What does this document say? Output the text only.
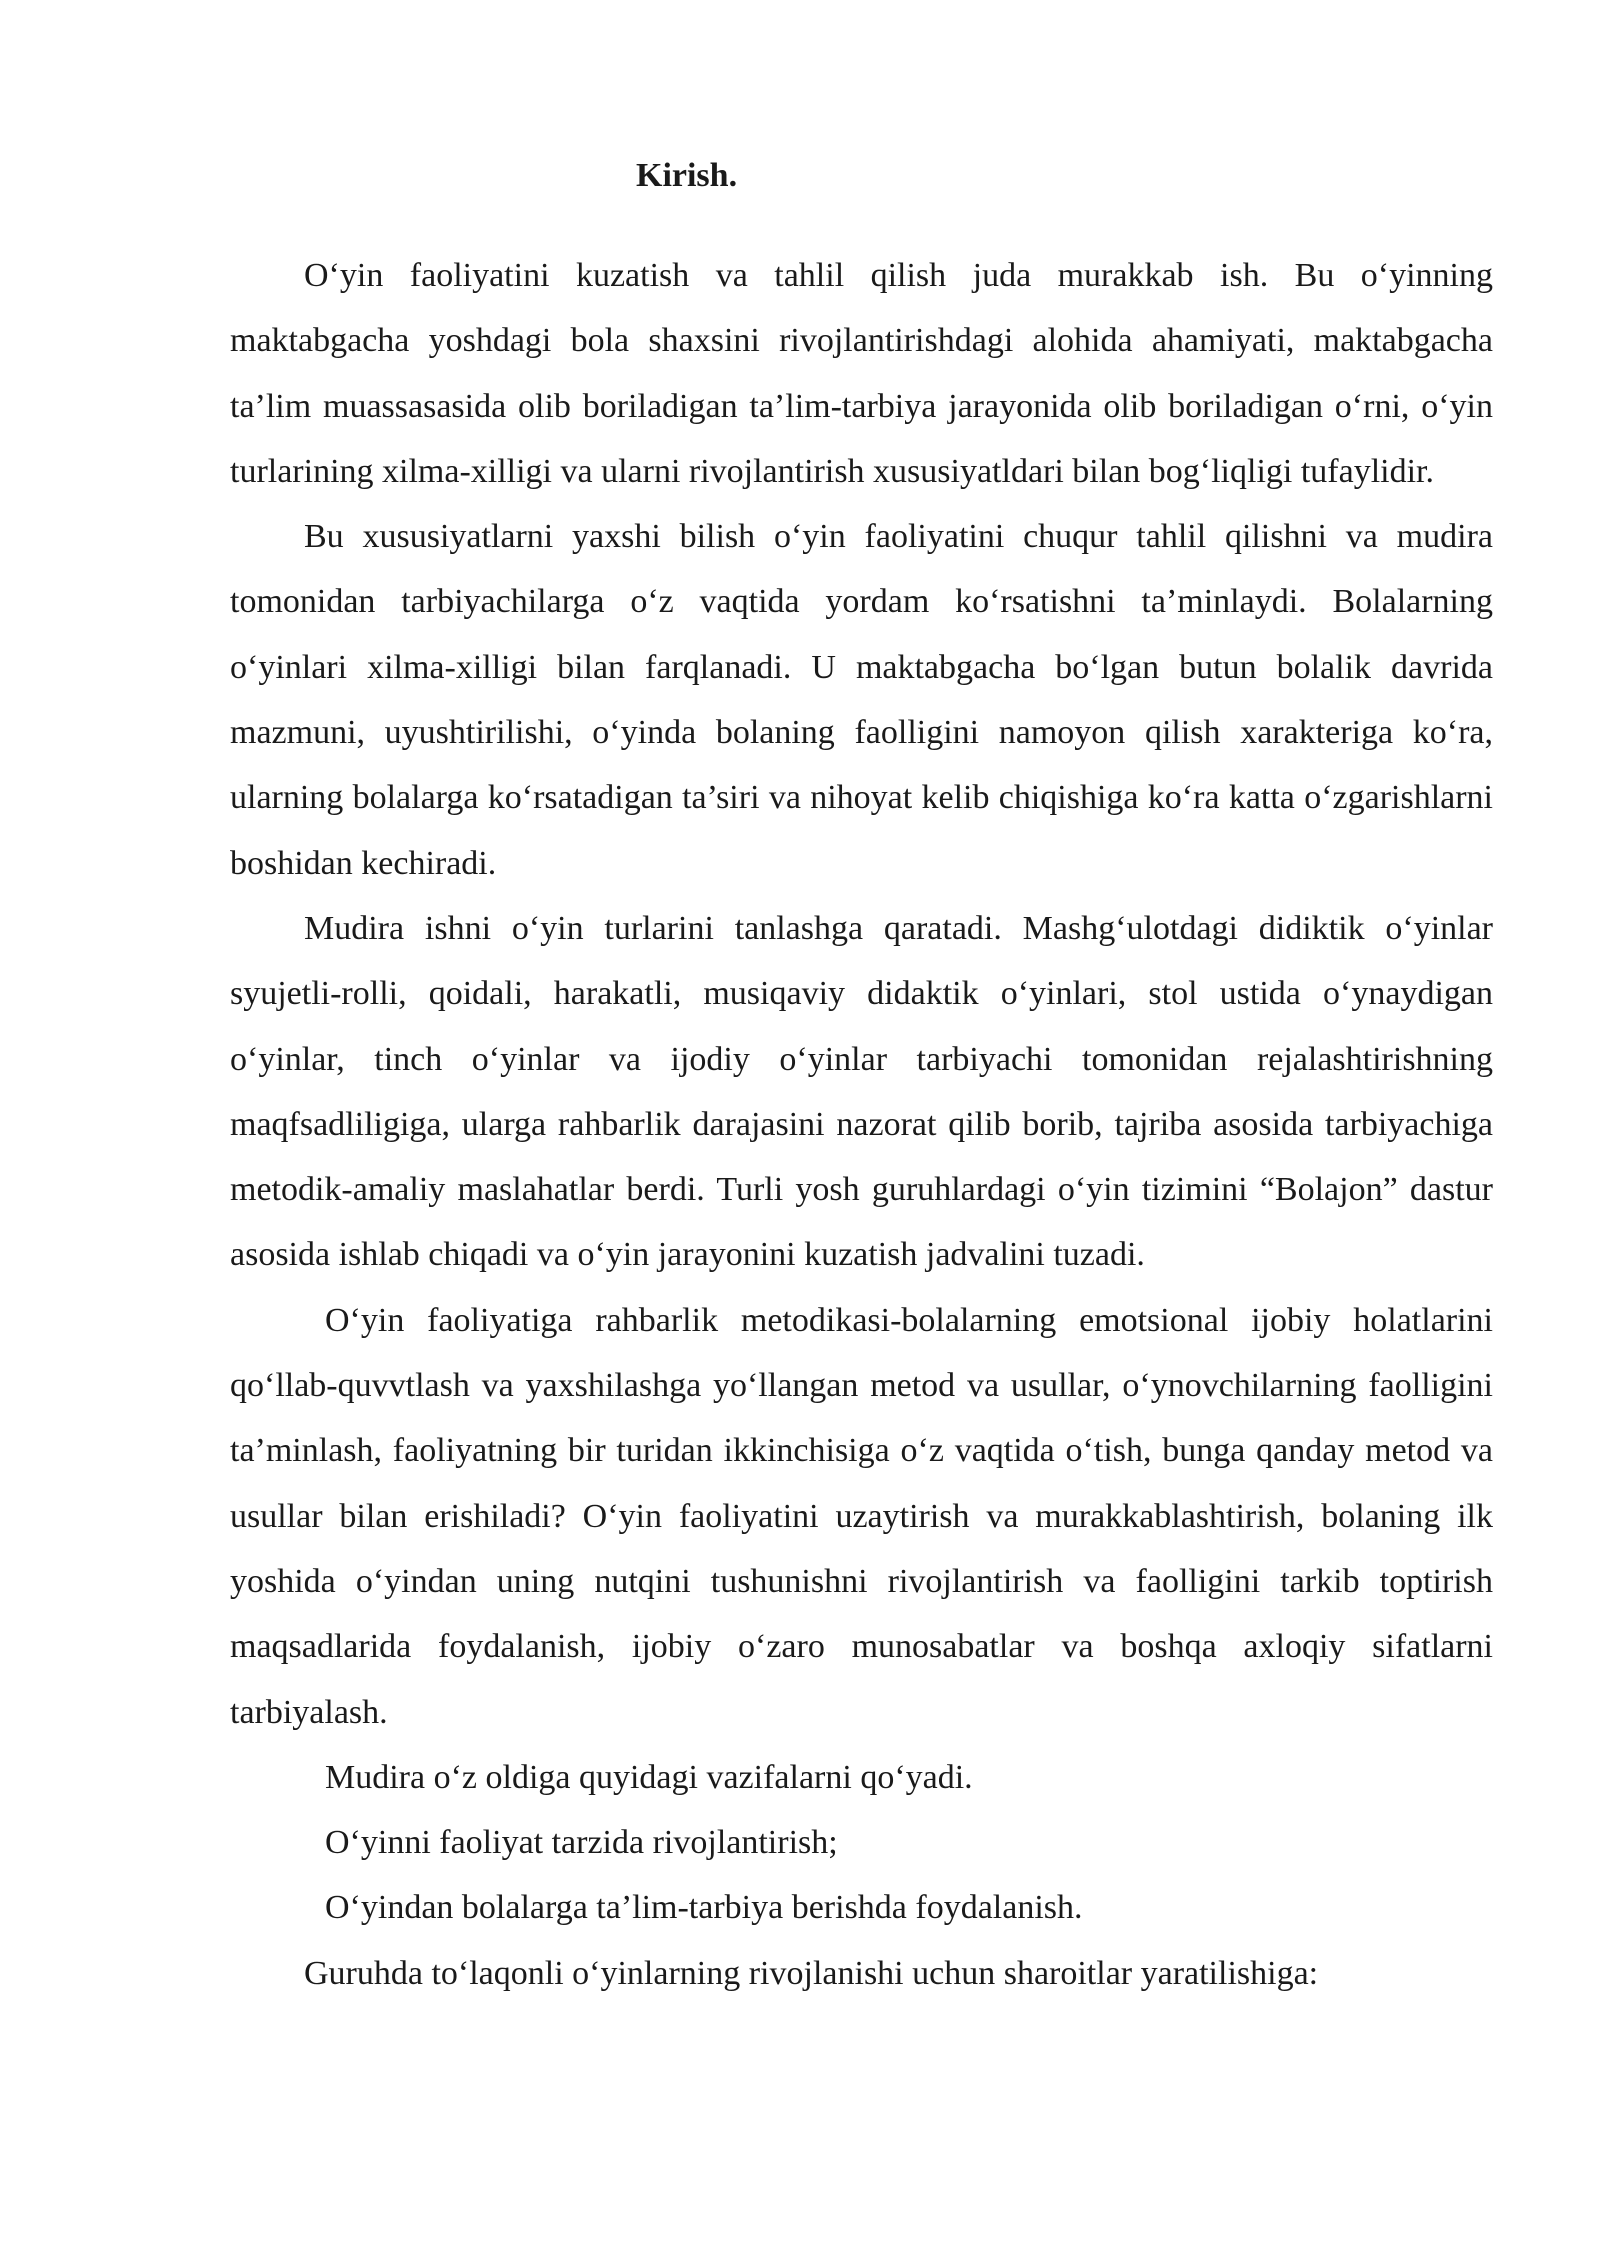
Kirish.

O‘yin faoliyatini kuzatish va tahlil qilish juda murakkab ish. Bu o‘yinning maktabgacha yoshdagi bola shaxsini rivojlantirishdagi alohida ahamiyati, maktabgacha ta’lim muassasasida olib boriladigan ta’lim-tarbiya jarayonida olib boriladigan o‘rni, o‘yin turlarining xilma-xilligi va ularni rivojlantirish xususiyatldari bilan bog‘liqligi tufaylidir.

Bu xususiyatlarni yaxshi bilish o‘yin faoliyatini chuqur tahlil qilishni va mudira tomonidan tarbiyachilarga o‘z vaqtida yordam ko‘rsatishni ta’minlaydi. Bolalarning o‘yinlari xilma-xilligi bilan farqlanadi. U maktabgacha bo‘lgan butun bolalik davrida mazmuni, uyushtirilishi, o‘yinda bolaning faolligini namoyon qilish xarakteriga ko‘ra, ularning bolalarga ko‘rsatadigan ta’siri va nihoyat kelib chiqishiga ko‘ra katta o‘zgarishlarni boshidan kechiradi.

Mudira ishni o‘yin turlarini tanlashga qaratadi. Mashg‘ulotdagi didiktik o‘yinlar syujetli-rolli, qoidali, harakatli, musiqaviy didaktik o‘yinlari, stol ustida o‘ynaydigan o‘yinlar, tinch o‘yinlar va ijodiy o‘yinlar tarbiyachi tomonidan rejalashtirishning maqfsadliligiga, ularga rahbarlik darajasini nazorat qilib borib, tajriba asosida tarbiyachiga metodik-amaliy maslahatlar berdi. Turli yosh guruhlardagi o‘yin tizimini “Bolajon” dastur asosida ishlab chiqadi va o‘yin jarayonini kuzatish jadvalini tuzadi.

O‘yin faoliyatiga rahbarlik metodikasi-bolalarning emotsional ijobiy holatlarini qo‘llab-quvvtlash va yaxshilashga yo‘llangan metod va usullar, o‘ynovchilarning faolligini ta’minlash, faoliyatning bir turidan ikkinchisiga o‘z vaqtida o‘tish, bunga qanday metod va usullar bilan erishiladi? O‘yin faoliyatini uzaytirish va murakkablashtirish, bolaning ilk yoshida o‘yindan uning nutqini tushunishni rivojlantirish va faolligini tarkib toptirish maqsadlarida foydalanish, ijobiy o‘zaro munosabatlar va boshqa axloqiy sifatlarni tarbiyalash.

Mudira o‘z oldiga quyidagi vazifalarni qo‘yadi.

O‘yinni faoliyat tarzida rivojlantirish;

O‘yindan bolalarga ta’lim-tarbiya berishda foydalanish.

Guruhda to‘laqonli o‘yinlarning rivojlanishi uchun sharoitlar yaratilishiga:
